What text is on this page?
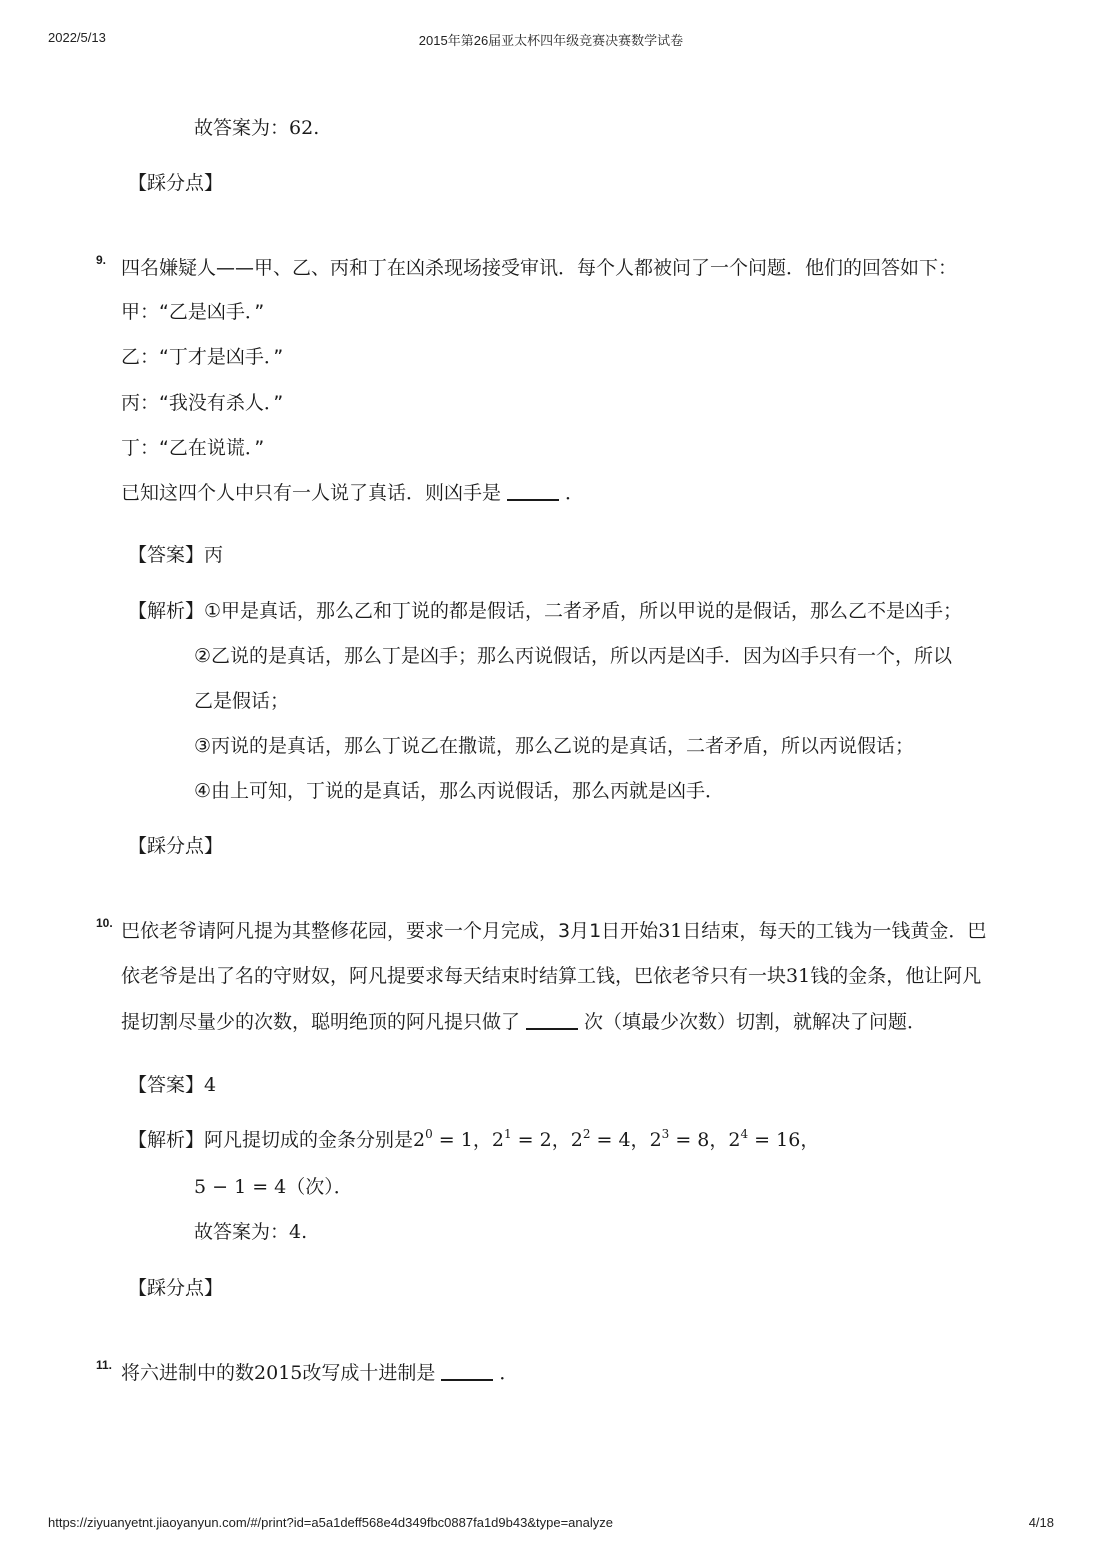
2022/5/13	2015年第26届亚太杯四年级竞赛决赛数学试卷
https://ziyuanyetnt.jiaoyanyun.com/#/print?id=a5a1deff568e4d349fbc0887fa1d9b43&type=analyze	4/18
故答案为：62.
【踩分点】
9. 四名嫌疑人——甲、乙、丙和丁在凶杀现场接受审讯．每个人都被问了一个问题．他们的回答如下：
甲：“乙是凶手．”
乙：“丁才是凶手．”
丙：“我没有杀人．”
丁：“乙在说谎．”
已知这四个人中只有一人说了真话．则凶手是	．
【答案】丙
【解析】①甲是真话，那么乙和丁说的都是假话，二者矛盾，所以甲说的是假话，那么乙不是凶手；
②乙说的是真话，那么丁是凶手；那么丙说假话，所以丙是凶手．因为凶手只有一个，所以
乙是假话；
③丙说的是真话，那么丁说乙在撒谎，那么乙说的是真话，二者矛盾，所以丙说假话；
④由上可知，丁说的是真话，那么丙说假话，那么丙就是凶手．
【踩分点】
10. 巴依老爷请阿凡提为其整修花园，要求一个月完成，3月1日开始31日结束，每天的工钱为一钱黄金．巴
依老爷是出了名的守财奴，阿凡提要求每天结束时结算工钱，巴依老爷只有一块31钱的金条，他让阿凡
提切割尽量少的次数，聪明绝顶的阿凡提只做了	次（填最少次数）切割，就解决了问题．
【答案】4
【解析】阿凡提切成的金条分别是$2^0 = 1$，$2^1 = 2$，$2^2 = 4$，$2^3 = 8$，$2^4 = 16$，
5 − 1 = 4（次）．
故答案为：4.
【踩分点】
11. 将六进制中的数2015改写成十进制是	．
